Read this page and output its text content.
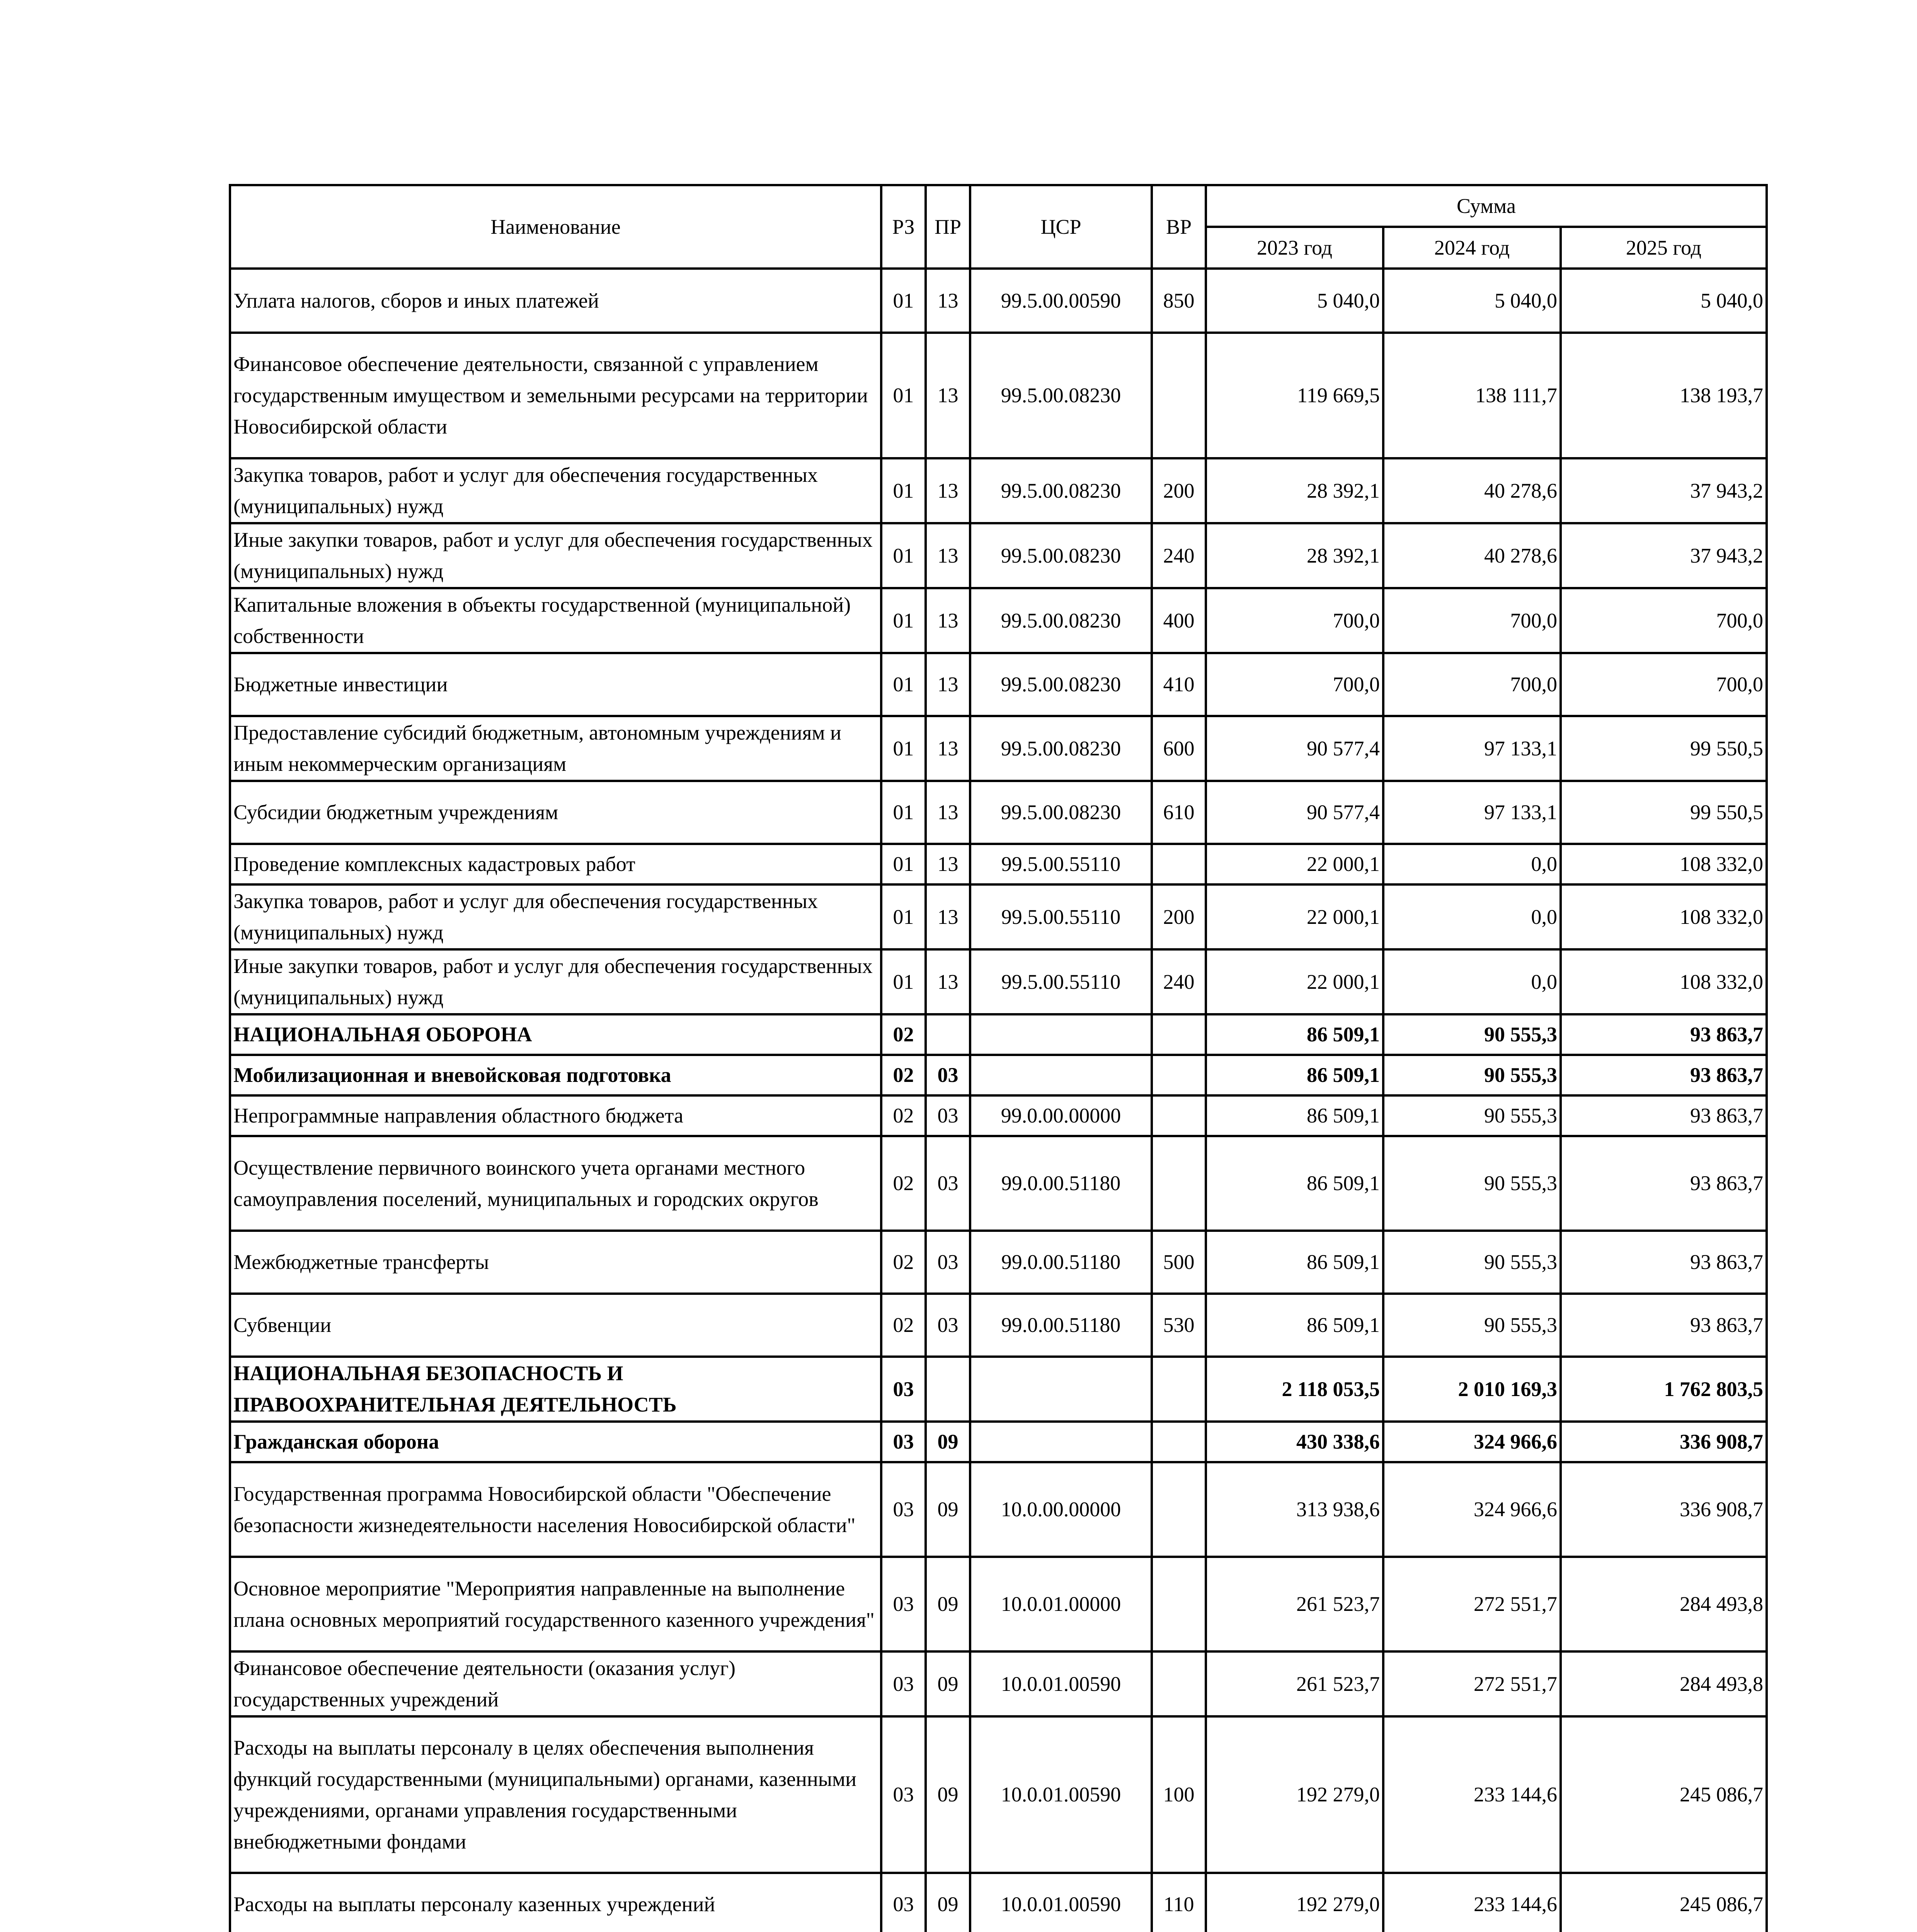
Наименование	РЗ	ПР	ЦСР	ВР	Сумма		
					2023 год	2024 год	2025 год
Уплата налогов, сборов и иных платежей	01	13	99.5.00.00590	850	5 040,0	5 040,0	5 040,0
Финансовое обеспечение деятельности, связанной с управлением государственным имуществом и земельными ресурсами на территории Новосибирской области	01	13	99.5.00.08230		119 669,5	138 111,7	138 193,7
Закупка товаров, работ и услуг для обеспечения государственных (муниципальных) нужд	01	13	99.5.00.08230	200	28 392,1	40 278,6	37 943,2
Иные закупки товаров, работ и услуг для обеспечения государственных (муниципальных) нужд	01	13	99.5.00.08230	240	28 392,1	40 278,6	37 943,2
Капитальные вложения в объекты государственной (муниципальной) собственности	01	13	99.5.00.08230	400	700,0	700,0	700,0
Бюджетные инвестиции	01	13	99.5.00.08230	410	700,0	700,0	700,0
Предоставление субсидий бюджетным, автономным учреждениям и иным некоммерческим организациям	01	13	99.5.00.08230	600	90 577,4	97 133,1	99 550,5
Субсидии бюджетным учреждениям	01	13	99.5.00.08230	610	90 577,4	97 133,1	99 550,5
Проведение комплексных кадастровых работ	01	13	99.5.00.55110		22 000,1	0,0	108 332,0
Закупка товаров, работ и услуг для обеспечения государственных (муниципальных) нужд	01	13	99.5.00.55110	200	22 000,1	0,0	108 332,0
Иные закупки товаров, работ и услуг для обеспечения государственных (муниципальных) нужд	01	13	99.5.00.55110	240	22 000,1	0,0	108 332,0
НАЦИОНАЛЬНАЯ ОБОРОНА	02				86 509,1	90 555,3	93 863,7
Мобилизационная и вневойсковая подготовка	02	03			86 509,1	90 555,3	93 863,7
Непрограммные направления областного бюджета	02	03	99.0.00.00000		86 509,1	90 555,3	93 863,7
Осуществление первичного воинского учета органами местного самоуправления поселений, муниципальных и городских округов	02	03	99.0.00.51180		86 509,1	90 555,3	93 863,7
Межбюджетные трансферты	02	03	99.0.00.51180	500	86 509,1	90 555,3	93 863,7
Субвенции	02	03	99.0.00.51180	530	86 509,1	90 555,3	93 863,7
НАЦИОНАЛЬНАЯ БЕЗОПАСНОСТЬ И ПРАВООХРАНИТЕЛЬНАЯ ДЕЯТЕЛЬНОСТЬ	03				2 118 053,5	2 010 169,3	1 762 803,5
Гражданская оборона	03	09			430 338,6	324 966,6	336 908,7
Государственная программа Новосибирской области "Обеспечение безопасности жизнедеятельности населения Новосибирской области"	03	09	10.0.00.00000		313 938,6	324 966,6	336 908,7
Основное мероприятие "Мероприятия направленные на выполнение плана основных мероприятий государственного казенного учреждения"	03	09	10.0.01.00000		261 523,7	272 551,7	284 493,8
Финансовое обеспечение деятельности (оказания услуг) государственных учреждений	03	09	10.0.01.00590		261 523,7	272 551,7	284 493,8
Расходы на выплаты персоналу в целях обеспечения выполнения функций государственными (муниципальными) органами, казенными учреждениями, органами управления государственными внебюджетными фондами	03	09	10.0.01.00590	100	192 279,0	233 144,6	245 086,7
Расходы на выплаты персоналу казенных учреждений	03	09	10.0.01.00590	110	192 279,0	233 144,6	245 086,7
